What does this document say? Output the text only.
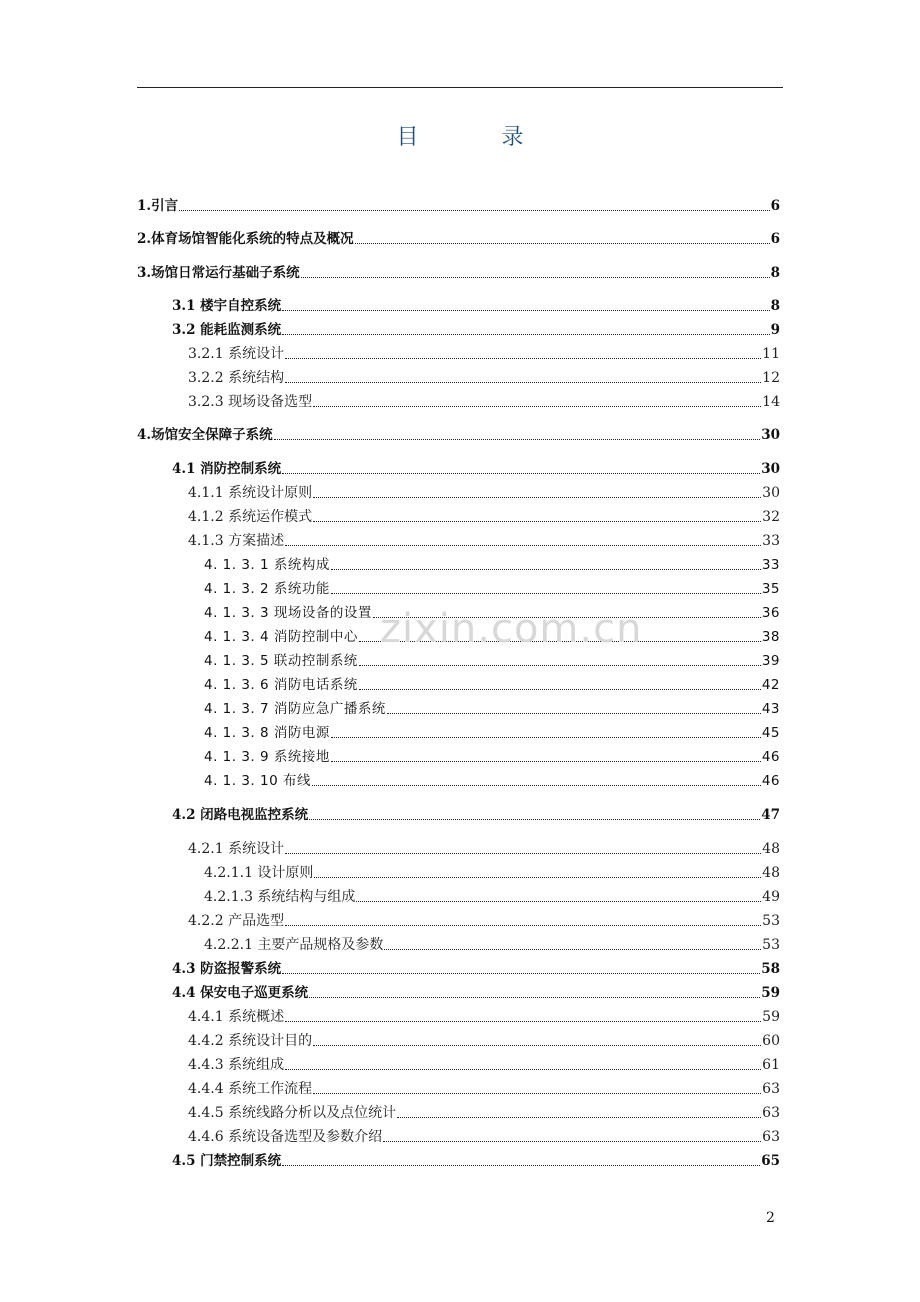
目 录
1.引言	6
2.体育场馆智能化系统的特点及概况	6
3.场馆日常运行基础子系统	8
3.1 楼宇自控系统	8
3.2 能耗监测系统	9
3.2.1 系统设计	11
3.2.2 系统结构	12
3.2.3 现场设备选型	14
4.场馆安全保障子系统	30
4.1 消防控制系统	30
4.1.1 系统设计原则	30
4.1.2 系统运作模式	32
4.1.3 方案描述	33
4. 1. 3. 1 系统构成	33
4. 1. 3. 2 系统功能	35
4. 1. 3. 3 现场设备的设置	36
4. 1. 3. 4 消防控制中心	38
4. 1. 3. 5 联动控制系统	39
4. 1. 3. 6 消防电话系统	42
4. 1. 3. 7 消防应急广播系统	43
4. 1. 3. 8 消防电源	45
4. 1. 3. 9 系统接地	46
4. 1. 3. 10 布线	46
4.2 闭路电视监控系统	47
4.2.1 系统设计	48
4.2.1.1 设计原则	48
4.2.1.3 系统结构与组成	49
4.2.2 产品选型	53
4.2.2.1 主要产品规格及参数	53
4.3 防盗报警系统	58
4.4 保安电子巡更系统	59
4.4.1 系统概述	59
4.4.2 系统设计目的	60
4.4.3 系统组成	61
4.4.4 系统工作流程	63
4.4.5 系统线路分析以及点位统计	63
4.4.6 系统设备选型及参数介绍	63
4.5 门禁控制系统	65
zixin.com.cn
2
